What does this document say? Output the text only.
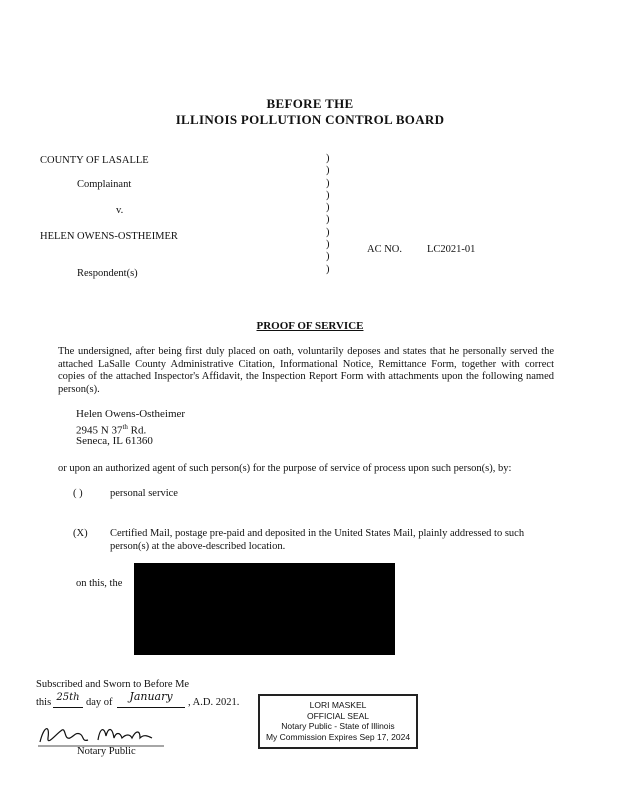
BEFORE THE
ILLINOIS POLLUTION CONTROL BOARD
COUNTY OF LASALLE
Complainant
v.
HELEN OWENS-OSTHEIMER
Respondent(s)
)
)
)
)
)
)
)
)
)
)
AC NO. LC2021-01
PROOF OF SERVICE
The undersigned, after being first duly placed on oath, voluntarily deposes and states that he personally served the attached LaSalle County Administrative Citation, Informational Notice, Remittance Form, together with correct copies of the attached Inspector's Affidavit, the Inspection Report Form with attachments upon the following named person(s).
Helen Owens-Ostheimer
2945 N 37th Rd.
Seneca, IL 61360
or upon an authorized agent of such person(s) for the purpose of service of process upon such person(s), by:
( )	personal service
(X) Certified Mail, postage pre-paid and deposited in the United States Mail, plainly addressed to such
person(s) at the above-described location.
on this, the
Subscribed and Sworn to Before Me
this 25th day of	January	, A.D. 2021.
Notary Public
LORI MASKEL
OFFICIAL SEAL
Notary Public - State of Illinois
My Commission Expires Sep 17, 2024
